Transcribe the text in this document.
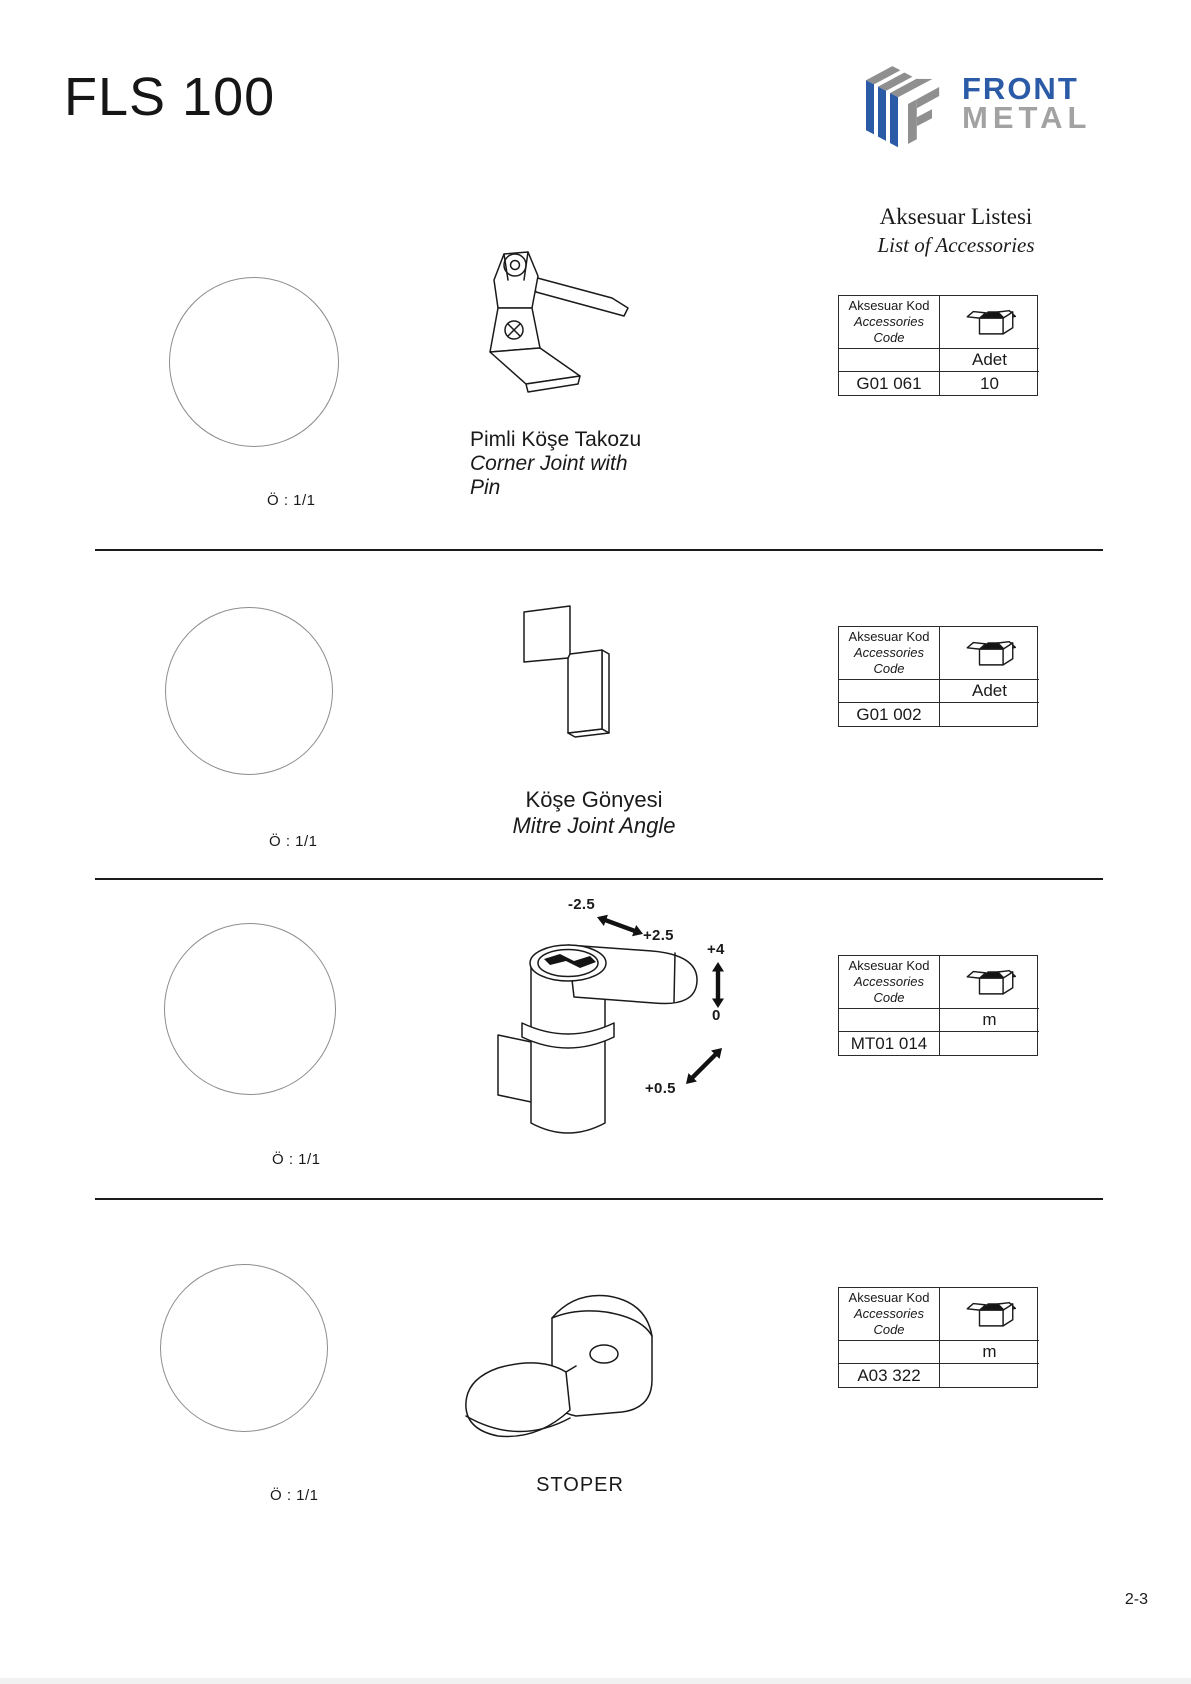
FLS 100	FRONT
METAL
Aksesuar Listesi
List of Accessories
Ö : 1/1
Pimli Köşe Takozu
Corner Joint with
Pin
Aksesuar Kod
Accessories Code
Adet
G01 061	10
Ö : 1/1
Köşe Gönyesi
Mitre Joint Angle
Aksesuar Kod
Accessories Code
Adet
G01 002
Ö : 1/1
-2.5
+2.5
+4
0
+0.5
Aksesuar Kod
Accessories Code
m
MT01 014
Ö : 1/1	STOPER
Aksesuar Kod
Accessories Code
m
A03 322
2-3
